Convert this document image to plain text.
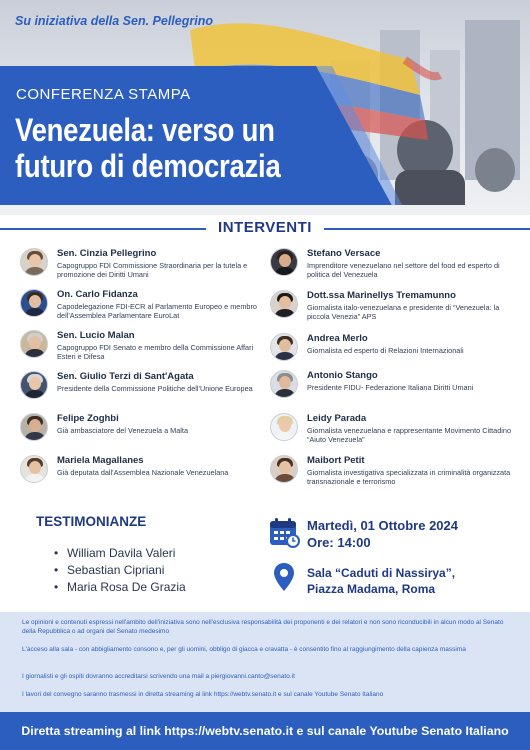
Su iniziativa della Sen. Pellegrino
CONFERENZA STAMPA
Venezuela: verso un
futuro di democrazia
INTERVENTI
Sen. Cinzia Pellegrino
Capogruppo FDI Commissione Straordinaria per la tutela e promozione dei Diritti Umani
On. Carlo Fidanza
Capodelegazione FDI-ECR al Parlamento Europeo e membro dell'Assemblea Parlamentare EuroLat
Sen. Lucio Malan
Capogruppo FDI Senato e membro della Commissione Affari Esteri e Difesa
Sen. Giulio Terzi di Sant'Agata
Presidente della Commissione Politiche dell'Unione Europea
Felipe Zoghbi
Già ambasciatore del Venezuela a Malta
Mariela Magallanes
Già deputata dall'Assemblea Nazionale Venezuelana
Stefano Versace
Imprenditore venezuelano nel settore del food ed esperto di politica del Venezuela
Dott.ssa Marinellys Tremamunno
Giornalista italo-venezuelana e presidente di “Venezuela: la piccola Venezia” APS
Andrea Merlo
Giornalista ed esperto di Relazioni Internazionali
Antonio Stango
Presidente FIDU- Federazione Italiana Diritti Umani
Leidy Parada
Giornalista venezuelana e rappresentante Movimento Cittadino “Aiuto Venezuela”
Maibort Petit
Giornalista investigativa specializzata in criminalità organizzata transnazionale e terrorismo
TESTIMONIANZE
• William Davila Valeri
• Sebastian Cipriani
• Maria Rosa De Grazia
Martedì, 01 Ottobre 2024
Ore: 14:00
Sala “Caduti di Nassirya”,
Piazza Madama, Roma
Le opinioni e contenuti espressi nell'ambito dell'iniziativa sono nell'esclusiva responsabilità dei proponenti e dei relatori e non sono riconducibili in alcun modo al Senato della Repubblica o ad organi del Senato medesimo
L'acceso alla sala - con abbigliamento consono e, per gli uomini, obbligo di giacca e cravatta - è consentito fino al raggiungimento della capienza massima
I giornalisti e gli ospiti dovranno accreditarsi scrivendo una mail a piergiovanni.canto@senato.it
I lavori del convegno saranno trasmessi in diretta streaming al link https://webtv.senato.it e sul canale Youtube Senato Italiano
Diretta streaming al link https://webtv.senato.it e sul canale Youtube Senato Italiano
